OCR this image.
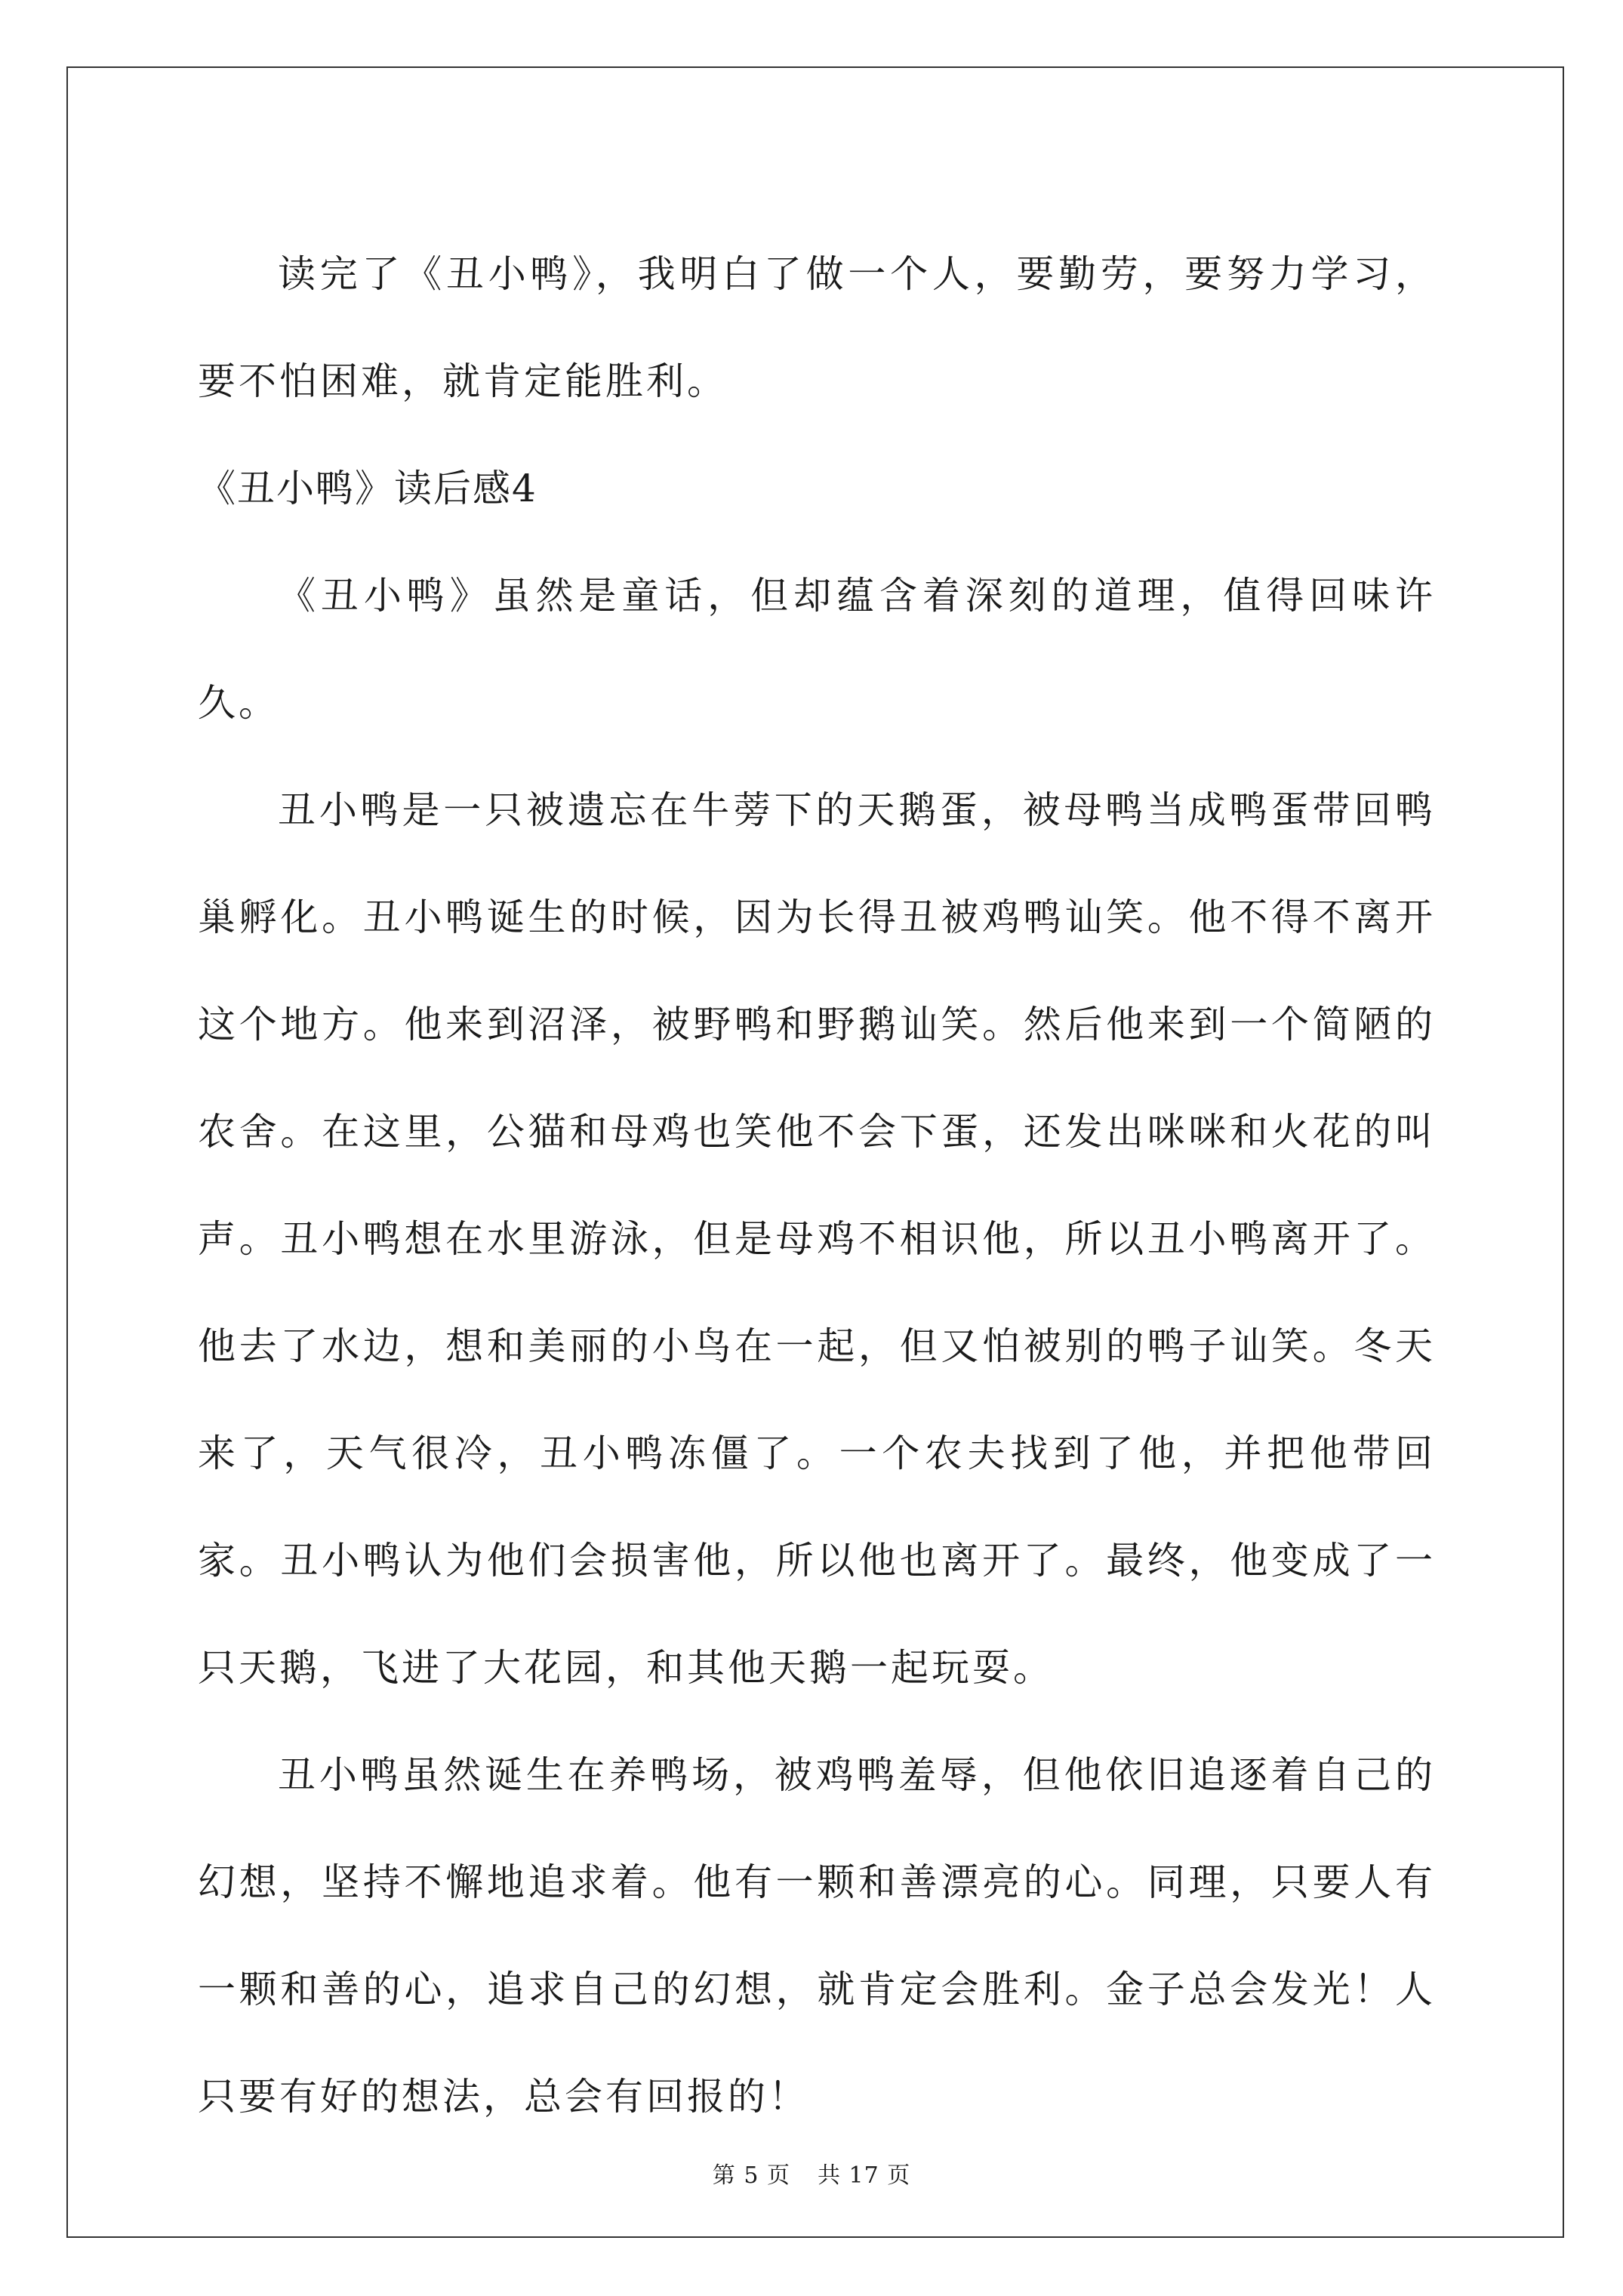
读完了《丑小鸭》，我明白了做一个人，要勤劳，要努力学习，要不怕困难，就肯定能胜利。

《丑小鸭》读后感4

《丑小鸭》虽然是童话，但却蕴含着深刻的道理，值得回味许久。

丑小鸭是一只被遗忘在牛蒡下的天鹅蛋，被母鸭当成鸭蛋带回鸭巢孵化。丑小鸭诞生的时候，因为长得丑被鸡鸭讪笑。他不得不离开这个地方。他来到沼泽，被野鸭和野鹅讪笑。然后他来到一个简陋的农舍。在这里，公猫和母鸡也笑他不会下蛋，还发出咪咪和火花的叫声。丑小鸭想在水里游泳，但是母鸡不相识他，所以丑小鸭离开了。他去了水边，想和美丽的小鸟在一起，但又怕被别的鸭子讪笑。冬天来了，天气很冷，丑小鸭冻僵了。一个农夫找到了他，并把他带回家。丑小鸭认为他们会损害他，所以他也离开了。最终，他变成了一只天鹅，飞进了大花园，和其他天鹅一起玩耍。

丑小鸭虽然诞生在养鸭场，被鸡鸭羞辱，但他依旧追逐着自己的幻想，坚持不懈地追求着。他有一颗和善漂亮的心。同理，只要人有一颗和善的心，追求自己的幻想，就肯定会胜利。金子总会发光！人只要有好的想法，总会有回报的！

第 5 页 共 17 页
